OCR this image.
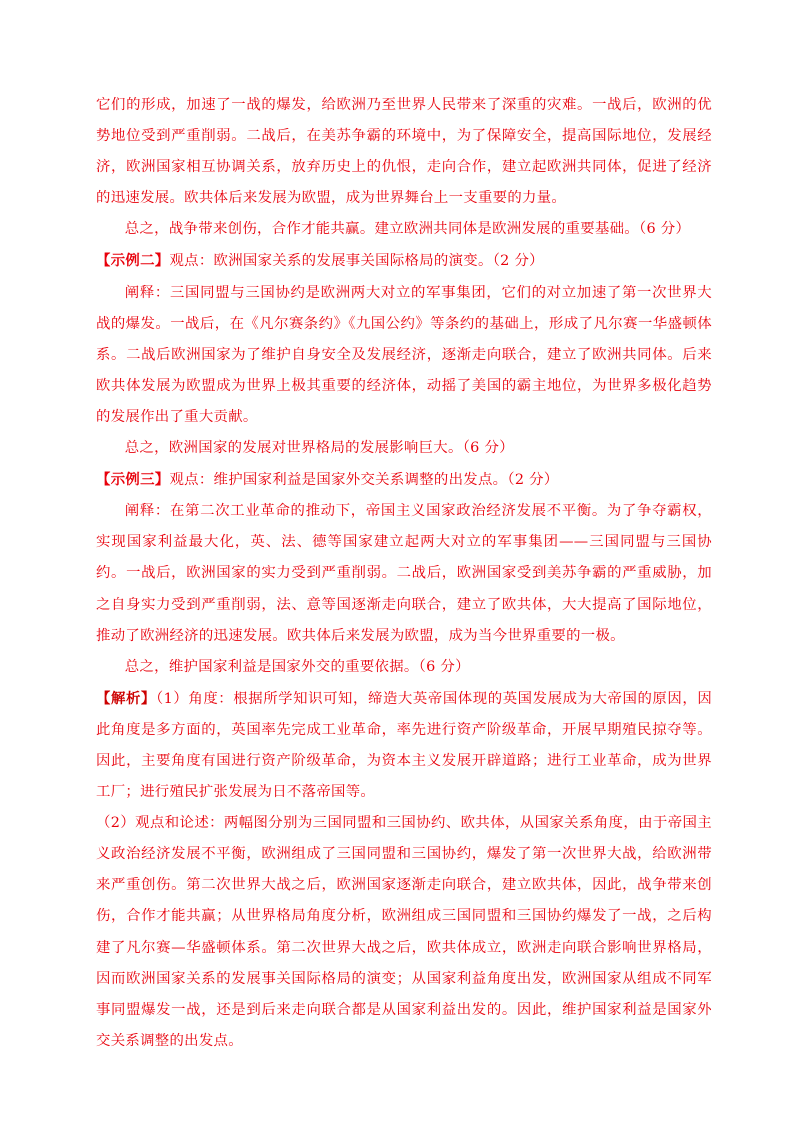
它们的形成，加速了一战的爆发，给欧洲乃至世界人民带来了深重的灾难。一战后，欧洲的优势地位受到严重削弱。二战后，在美苏争霸的环境中，为了保障安全，提高国际地位，发展经济，欧洲国家相互协调关系，放弃历史上的仇恨，走向合作，建立起欧洲共同体，促进了经济的迅速发展。欧共体后来发展为欧盟，成为世界舞台上一支重要的力量。

总之，战争带来创伤，合作才能共赢。建立欧洲共同体是欧洲发展的重要基础。（6 分）

【示例二】观点：欧洲国家关系的发展事关国际格局的演变。（2 分）

阐释：三国同盟与三国协约是欧洲两大对立的军事集团，它们的对立加速了第一次世界大战的爆发。一战后，在《凡尔赛条约》《九国公约》等条约的基础上，形成了凡尔赛一华盛顿体系。二战后欧洲国家为了维护自身安全及发展经济，逐渐走向联合，建立了欧洲共同体。后来欧共体发展为欧盟成为世界上极其重要的经济体，动摇了美国的霸主地位，为世界多极化趋势的发展作出了重大贡献。

总之，欧洲国家的发展对世界格局的发展影响巨大。（6 分）

【示例三】观点：维护国家利益是国家外交关系调整的出发点。（2 分）

阐释：在第二次工业革命的推动下，帝国主义国家政治经济发展不平衡。为了争夺霸权，实现国家利益最大化，英、法、德等国家建立起两大对立的军事集团——三国同盟与三国协约。一战后，欧洲国家的实力受到严重削弱。二战后，欧洲国家受到美苏争霸的严重威胁，加之自身实力受到严重削弱，法、意等国逐渐走向联合，建立了欧共体，大大提高了国际地位，推动了欧洲经济的迅速发展。欧共体后来发展为欧盟，成为当今世界重要的一极。

总之，维护国家利益是国家外交的重要依据。（6 分）

【解析】（1）角度：根据所学知识可知，缔造大英帝国体现的英国发展成为大帝国的原因，因此角度是多方面的，英国率先完成工业革命，率先进行资产阶级革命，开展早期殖民掠夺等。因此，主要角度有国进行资产阶级革命，为资本主义发展开辟道路；进行工业革命，成为世界工厂；进行殖民扩张发展为日不落帝国等。

（2）观点和论述：两幅图分别为三国同盟和三国协约、欧共体，从国家关系角度，由于帝国主义政治经济发展不平衡，欧洲组成了三国同盟和三国协约，爆发了第一次世界大战，给欧洲带来严重创伤。第二次世界大战之后，欧洲国家逐渐走向联合，建立欧共体，因此，战争带来创伤，合作才能共赢；从世界格局角度分析，欧洲组成三国同盟和三国协约爆发了一战，之后构建了凡尔赛—华盛顿体系。第二次世界大战之后，欧共体成立，欧洲走向联合影响世界格局，因而欧洲国家关系的发展事关国际格局的演变；从国家利益角度出发，欧洲国家从组成不同军事同盟爆发一战，还是到后来走向联合都是从国家利益出发的。因此，维护国家利益是国家外交关系调整的出发点。
